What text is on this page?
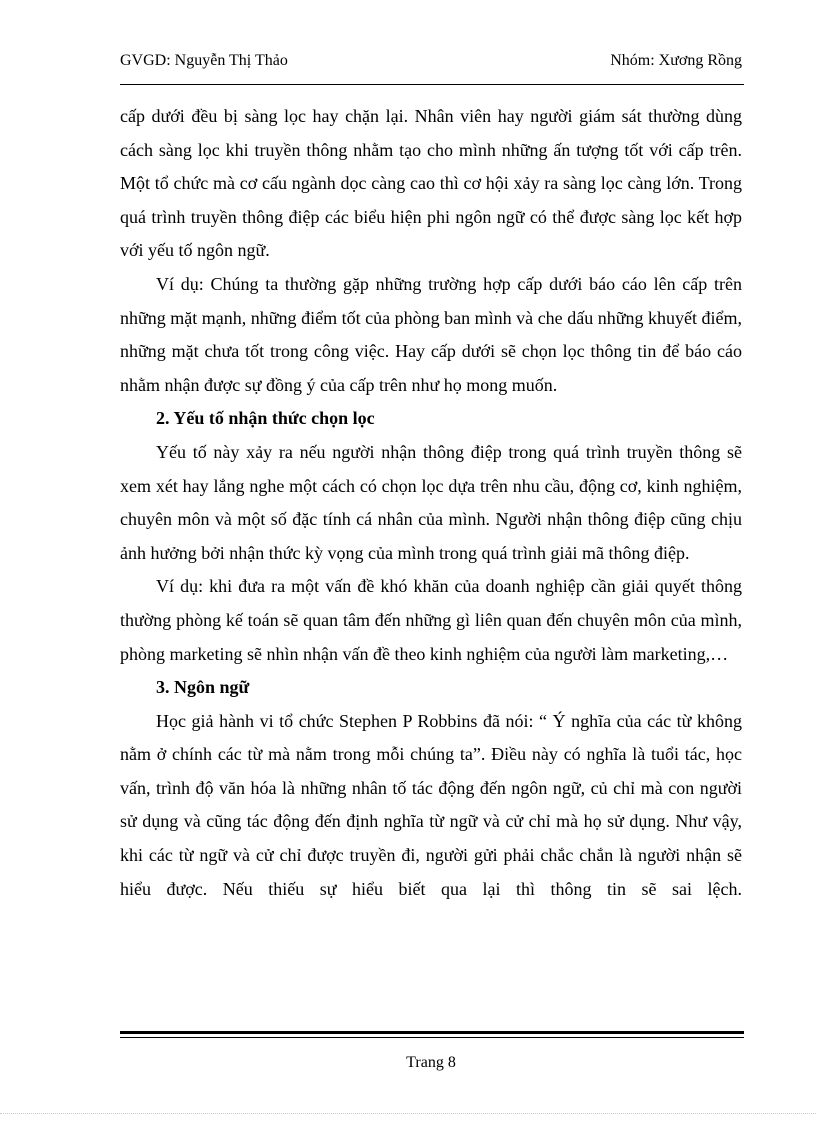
GVGD: Nguyễn Thị Thảo	Nhóm: Xương Rồng

cấp dưới đều bị sàng lọc hay chặn lại. Nhân viên hay người giám sát thường dùng cách sàng lọc khi truyền thông nhằm tạo cho mình những ấn tượng tốt với cấp trên. Một tổ chức mà cơ cấu ngành dọc càng cao thì cơ hội xảy ra sàng lọc càng lớn. Trong quá trình truyền thông điệp các biểu hiện phi ngôn ngữ có thể được sàng lọc kết hợp với yếu tố ngôn ngữ.

Ví dụ: Chúng ta thường gặp những trường hợp cấp dưới báo cáo lên cấp trên những mặt mạnh, những điểm tốt của phòng ban mình và che dấu những khuyết điểm, những mặt chưa tốt trong công việc. Hay cấp dưới sẽ chọn lọc thông tin để báo cáo nhằm nhận được sự đồng ý của cấp trên như họ mong muốn.

2. Yếu tố nhận thức chọn lọc

Yếu tố này xảy ra nếu người nhận thông điệp trong quá trình truyền thông sẽ xem xét hay lắng nghe một cách có chọn lọc dựa trên nhu cầu, động cơ, kinh nghiệm, chuyên môn và một số đặc tính cá nhân của mình. Người nhận thông điệp cũng chịu ảnh hưởng bởi nhận thức kỳ vọng của mình trong quá trình giải mã thông điệp.

Ví dụ: khi đưa ra một vấn đề khó khăn của doanh nghiệp cần giải quyết thông thường phòng kế toán sẽ quan tâm đến những gì liên quan đến chuyên môn của mình, phòng marketing sẽ nhìn nhận vấn đề theo kinh nghiệm của người làm marketing,…

3. Ngôn ngữ

Học giả hành vi tổ chức Stephen P Robbins đã nói: “ Ý nghĩa của các từ không nằm ở chính các từ mà nằm trong mỗi chúng ta”. Điều này có nghĩa là tuổi tác, học vấn, trình độ văn hóa là những nhân tố tác động đến ngôn ngữ, củ chỉ mà con người sử dụng và cũng tác động đến định nghĩa từ ngữ và cử chỉ mà họ sử dụng. Như vậy, khi các từ ngữ và cử chỉ được truyền đi, người gửi phải chắc chắn là người nhận sẽ hiểu được. Nếu thiếu sự hiểu biết qua lại thì thông tin sẽ sai lệch.

Trang 8
